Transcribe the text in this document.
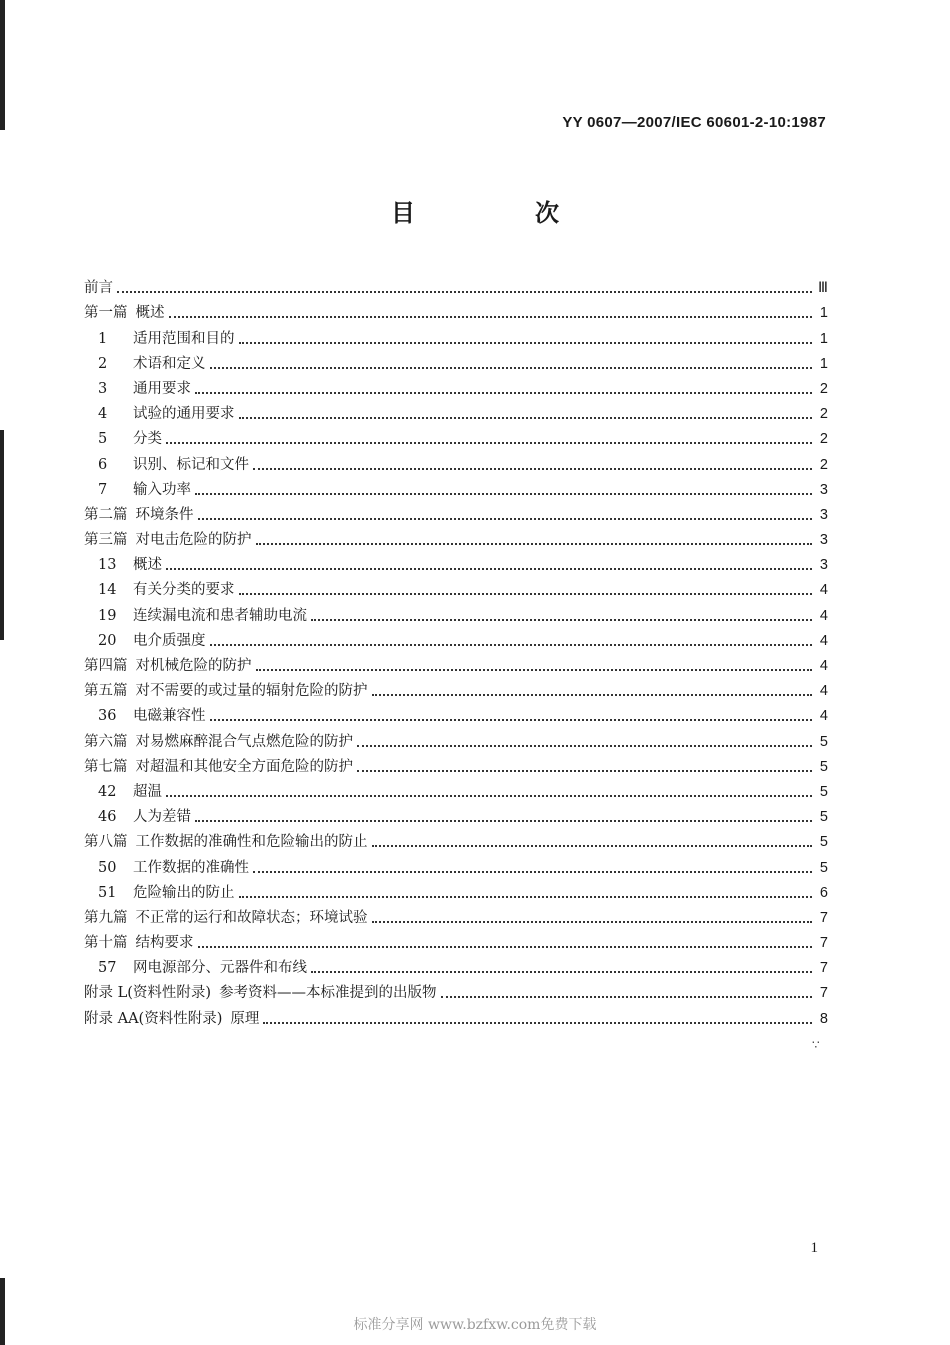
YY 0607—2007/IEC 60601-2-10:1987
目　次
前言	Ⅲ
第一篇 概述	1
1	适用范围和目的	1
2	术语和定义	1
3	通用要求	2
4	试验的通用要求	2
5	分类	2
6	识别、标记和文件	2
7	输入功率	3
第二篇 环境条件	3
第三篇 对电击危险的防护	3
13	概述	3
14	有关分类的要求	4
19	连续漏电流和患者辅助电流	4
20	电介质强度	4
第四篇 对机械危险的防护	4
第五篇 对不需要的或过量的辐射危险的防护	4
36	电磁兼容性	4
第六篇 对易燃麻醉混合气点燃危险的防护	5
第七篇 对超温和其他安全方面危险的防护	5
42	超温	5
46	人为差错	5
第八篇 工作数据的准确性和危险输出的防止	5
50	工作数据的准确性	5
51	危险输出的防止	6
第九篇 不正常的运行和故障状态；环境试验	7
第十篇 结构要求	7
57	网电源部分、元器件和布线	7
附录 L(资料性附录) 参考资料——本标准提到的出版物	7
附录 AA(资料性附录) 原理	8
∵
1
标准分享网 www.bzfxw.com免费下载
